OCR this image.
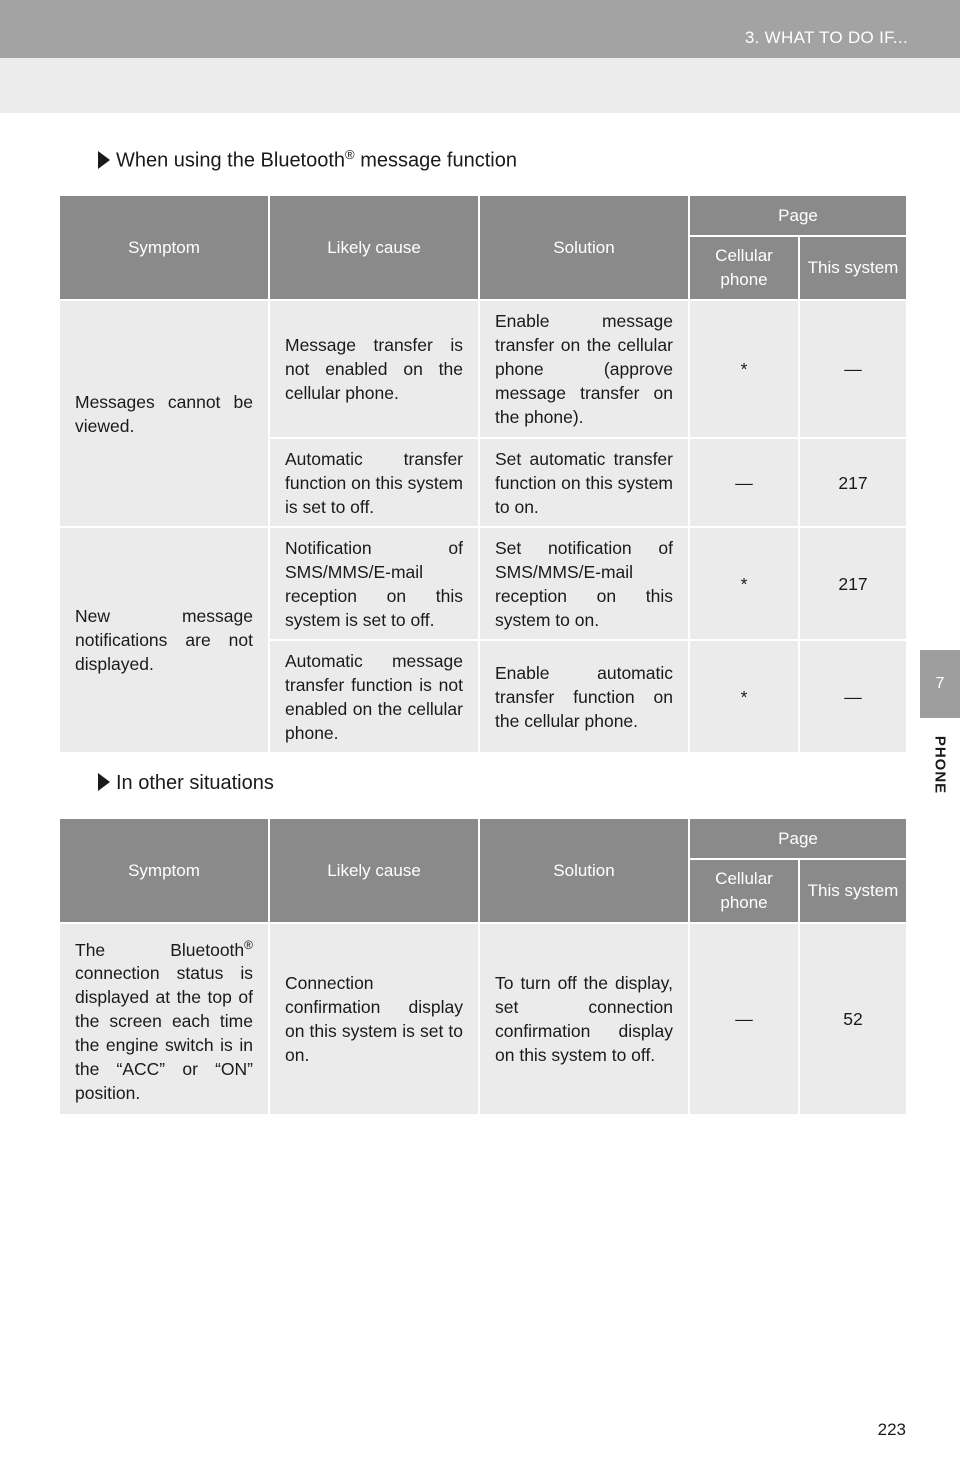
3. WHAT TO DO IF...
7
PHONE
When using the Bluetooth® message function
Symptom	Likely cause	Solution	Page	
			Cellular phone	This system
Messages cannot be viewed.	Message transfer is not enabled on the cellular phone.	Enable message transfer on the cellular phone (approve message transfer on the phone).	*	—
	Automatic transfer function on this system is set to off.	Set automatic transfer function on this system to on.	—	217
New message notifications are not displayed.	Notification of SMS/MMS/E-mail reception on this system is set to off.	Set notification of SMS/MMS/E-mail reception on this system to on.	*	217
	Automatic message transfer function is not enabled on the cellular phone.	Enable automatic transfer function on the cellular phone.	*	—
In other situations
Symptom	Likely cause	Solution	Page	
			Cellular phone	This system
The Bluetooth® connection status is displayed at the top of the screen each time the engine switch is in the “ACC” or “ON” position.	Connection confirmation display on this system is set to on.	To turn off the display, set connection confirmation display on this system to off.	—	52
223
